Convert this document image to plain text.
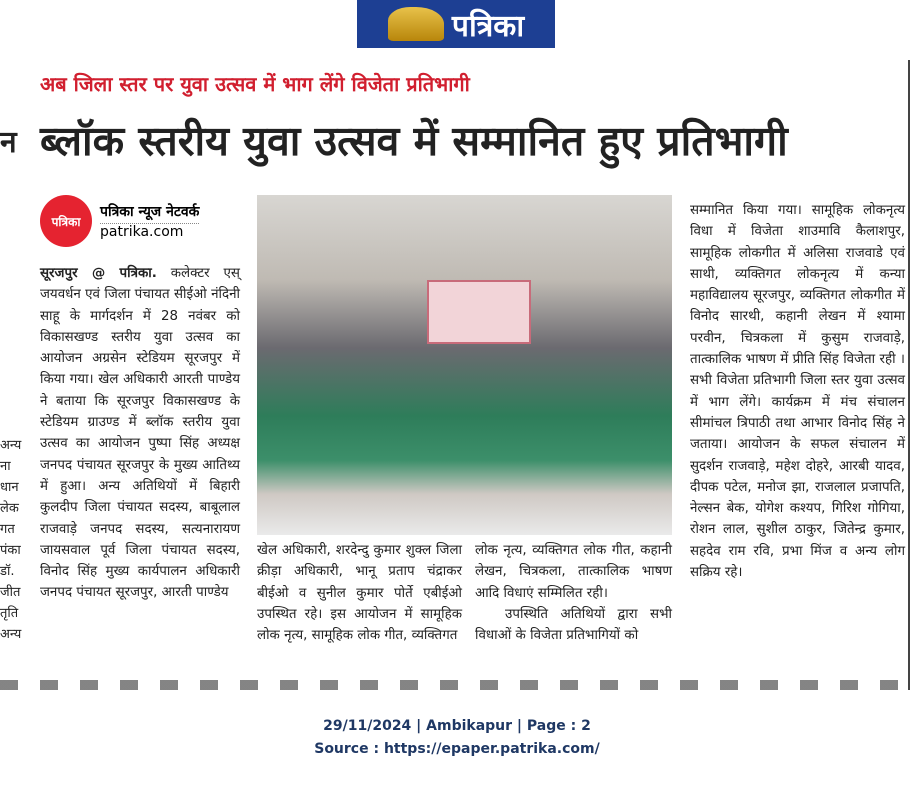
पत्रिका
अब जिला स्तर पर युवा उत्सव में भाग लेंगे विजेता प्रतिभागी
ब्लॉक स्तरीय युवा उत्सव में सम्मानित हुए प्रतिभागी
न
अन्य
ना
धान
लेक
गत
पंका
डॉ.
जीत
तृति
अन्य
पत्रिका
पत्रिका न्यूज नेटवर्क
patrika.com
सूरजपुर @ पत्रिका. कलेक्टर एस् जयवर्धन एवं जिला पंचायत सीईओ नंदिनी साहू के मार्गदर्शन में 28 नवंबर को विकासखण्ड स्तरीय युवा उत्सव का आयोजन अग्रसेन स्टेडियम सूरजपुर में किया गया। खेल अधिकारी आरती पाण्डेय ने बताया कि सूरजपुर विकासखण्ड के स्टेडियम ग्राउण्ड में ब्लॉक स्तरीय युवा उत्सव का आयोजन पुष्पा सिंह अध्यक्ष जनपद पंचायत सूरजपुर के मुख्य आतिथ्य में हुआ। अन्य अतिथियों में बिहारी कुलदीप जिला पंचायत सदस्य, बाबूलाल राजवाड़े जनपद सदस्य, सत्यनारायण जायसवाल पूर्व जिला पंचायत सदस्य, विनोद सिंह मुख्य कार्यपालन अधिकारी जनपद पंचायत सूरजपुर, आरती पाण्डेय
खेल अधिकारी, शरदेन्दु कुमार शुक्ल जिला क्रीड़ा अधिकारी, भानू प्रताप चंद्राकर बीईओ व सुनील कुमार पोर्ते एबीईओ उपस्थित रहे। इस आयोजन में सामूहिक लोक नृत्य, सामूहिक लोक गीत, व्यक्तिगत
लोक नृत्य, व्यक्तिगत लोक गीत, कहानी लेखन, चित्रकला, तात्कालिक भाषण आदि विधाएं सम्मिलित रही।
उपस्थिति अतिथियों द्वारा सभी विधाओं के विजेता प्रतिभागियों को
सम्मानित किया गया। सामूहिक लोकनृत्य विधा में विजेता शाउमावि कैलाशपुर, सामूहिक लोकगीत में अलिसा राजवाडे एवं साथी, व्यक्तिगत लोकनृत्य में कन्या महाविद्यालय सूरजपुर, व्यक्तिगत लोकगीत में विनोद सारथी, कहानी लेखन में श्यामा परवीन, चित्रकला में कुसुम राजवाड़े, तात्कालिक भाषण में प्रीति सिंह विजेता रही । सभी विजेता प्रतिभागी जिला स्तर युवा उत्सव में भाग लेंगे। कार्यक्रम में मंच संचालन सीमांचल त्रिपाठी तथा आभार विनोद सिंह ने जताया। आयोजन के सफल संचालन में सुदर्शन राजवाड़े, महेश दोहरे, आरबी यादव, दीपक पटेल, मनोज झा, राजलाल प्रजापति, नेल्सन बेक, योगेश कश्यप, गिरिश गोगिया, रोशन लाल, सुशील ठाकुर, जितेन्द्र कुमार, सहदेव राम रवि, प्रभा मिंज व अन्य लोग सक्रिय रहे।
29/11/2024 | Ambikapur | Page : 2
Source : https://epaper.patrika.com/
